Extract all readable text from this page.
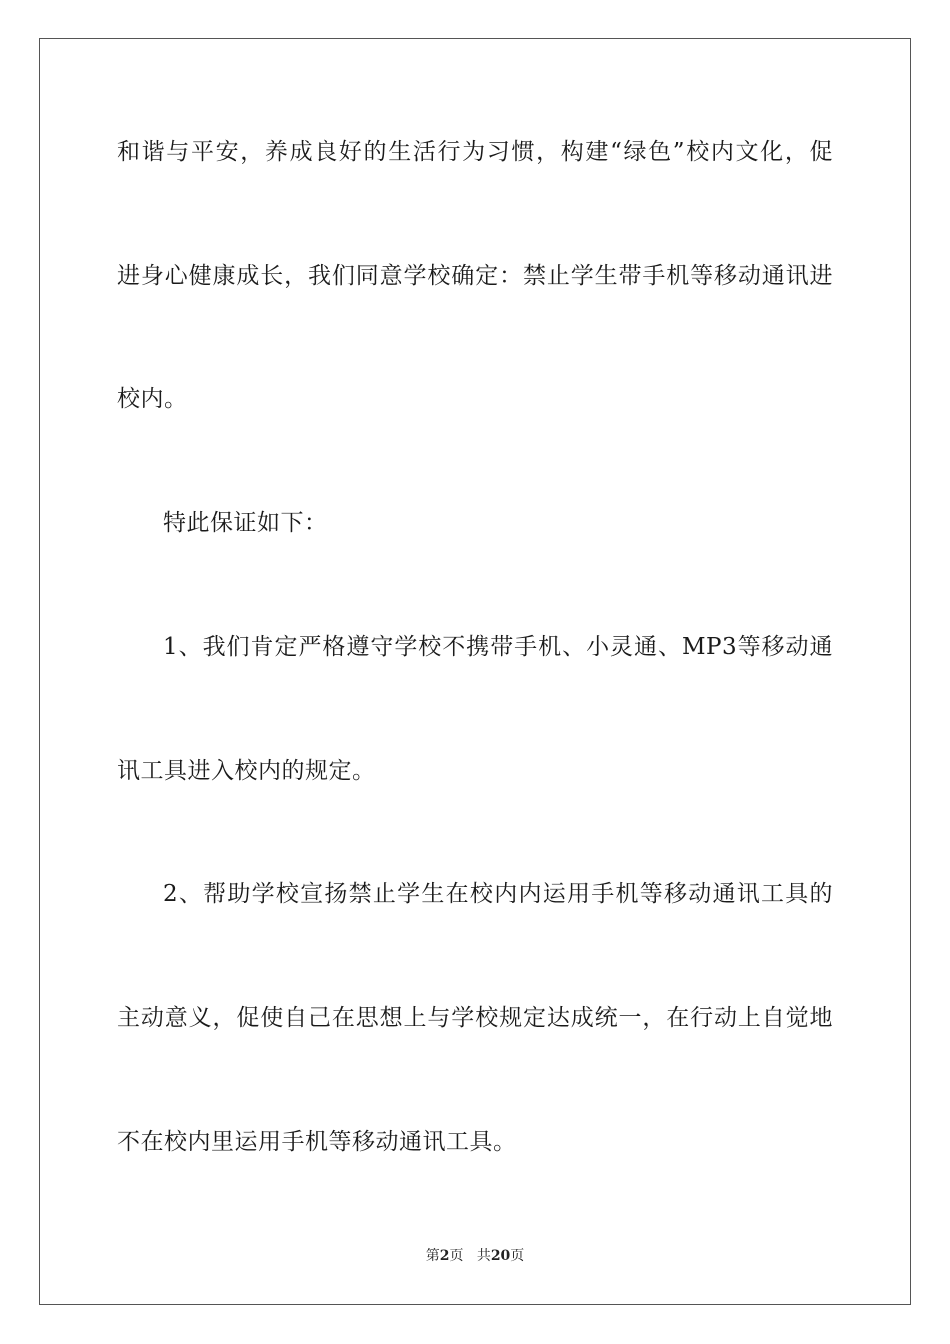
和谐与平安，养成良好的生活行为习惯，构建“绿色”校内文化，促
进身心健康成长，我们同意学校确定：禁止学生带手机等移动通讯进
校内。
特此保证如下：
1、我们肯定严格遵守学校不携带手机、小灵通、MP3等移动通
讯工具进入校内的规定。
2、帮助学校宣扬禁止学生在校内内运用手机等移动通讯工具的
主动意义，促使自己在思想上与学校规定达成统一，在行动上自觉地
不在校内里运用手机等移动通讯工具。
第2页 共20页
